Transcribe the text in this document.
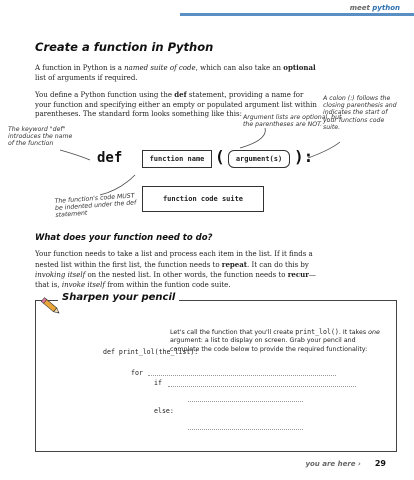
meet python
Create a function in Python
A function in Python is a named suite of code, which can also take an optional list of arguments if required.
You define a Python function using the def statement, providing a name for your function and specifying either an empty or populated argument list within parentheses. The standard form looks something like this: Argument lists are optional, but the parentheses are NOT.
A colon (:) follows the closing parenthesis and indicates the start of your functions code suite.
The keyword "def" introduces the name of the function
def	function name (	argument(s) ):
function code suite
The function's code MUST be indented under the def statement
What does your function need to do?
Your function needs to take a list and process each item in the list. If it finds a nested list within the first list, the function needs to repeat. It can do this by invoking itself on the nested list. In other words, the function needs to recur—that is, invoke itself from within the funtion code suite.
Sharpen your pencil
Let's call the function that you'll create print_lol(). It takes one argument: a list to display on screen. Grab your pencil and complete the code below to provide the required functionality:
def print_lol(the_list):
for
if
else:
you are here › 29
